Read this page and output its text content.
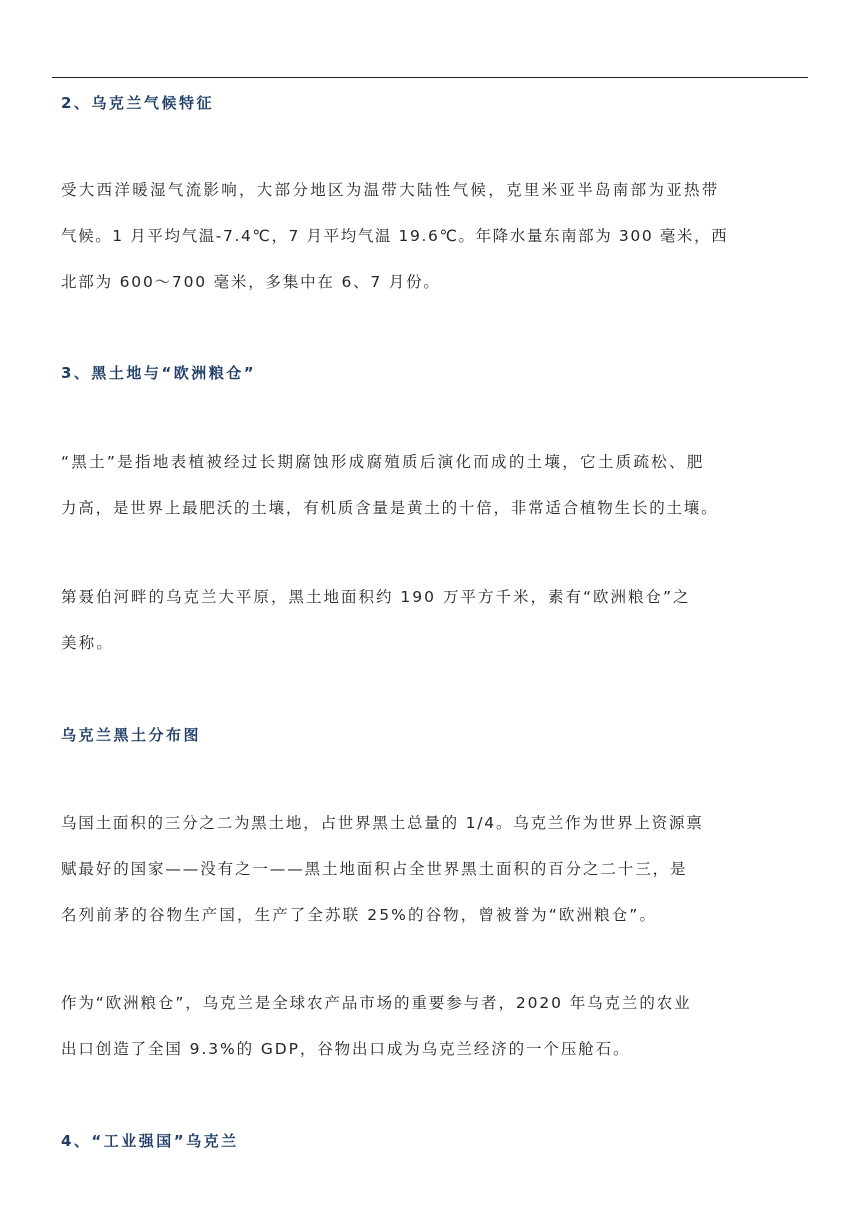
2、乌克兰气候特征
受大西洋暖湿气流影响，大部分地区为温带大陆性气候，克里米亚半岛南部为亚热带
气候。1 月平均气温-7.4℃，7 月平均气温 19.6℃。年降水量东南部为 300 毫米，西
北部为 600～700 毫米，多集中在 6、7 月份。
3、黑土地与“欧洲粮仓”
“黑土”是指地表植被经过长期腐蚀形成腐殖质后演化而成的土壤，它土质疏松、肥
力高，是世界上最肥沃的土壤，有机质含量是黄土的十倍，非常适合植物生长的土壤。
第聂伯河畔的乌克兰大平原，黑土地面积约 190 万平方千米，素有“欧洲粮仓”之
美称。
乌克兰黑土分布图
乌国土面积的三分之二为黑土地，占世界黑土总量的 1/4。乌克兰作为世界上资源禀
赋最好的国家——没有之一——黑土地面积占全世界黑土面积的百分之二十三，是
名列前茅的谷物生产国，生产了全苏联 25%的谷物，曾被誉为“欧洲粮仓”。
作为“欧洲粮仓”，乌克兰是全球农产品市场的重要参与者，2020 年乌克兰的农业
出口创造了全国 9.3%的 GDP，谷物出口成为乌克兰经济的一个压舱石。
4、“工业强国”乌克兰
